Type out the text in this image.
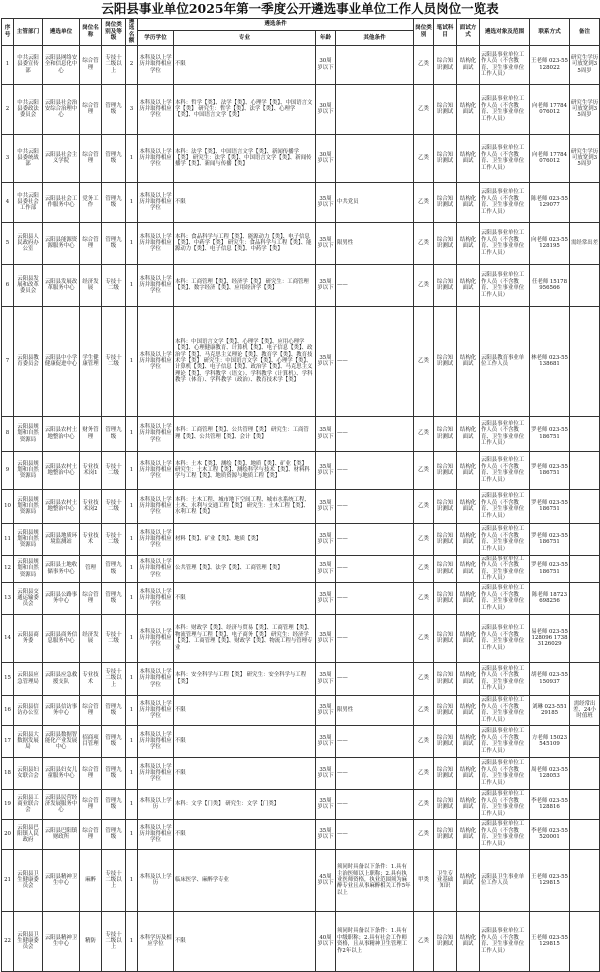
云阳县事业单位2025年第一季度公开遴选事业单位工作人员岗位一览表
序号	主管部门	遴选单位	岗位名称	岗位类别及等级	遴选名额	遴选条件				岗位类别	笔试科目	面试方式	遴选对象及范围	联系方式	备注
						学历学位	专业	年龄	其他条件						
1	中共云阳县委宣传部	云阳县网络安全和信息化中心	综合管理	专技十二级以上	2	本科及以上学历并取得相应学位	不限	30周岁以下		乙类	综合知识测试	结构化面试	云阳县事业单位工作人员（不含教育、卫生事业单位工作人员）	王老师 023-55128022	研究生学历可放宽到35周岁
2	中共云阳县委政法委员会	云阳县社会治安综合治理中心	综合管理	管理九级	3	本科及以上学历并取得相应学位	本科：哲学【类】、法学【类】、心理学【类】、中国语言文学【类】 研究生：哲学【类】、法学【类】、心理学【类】、中国语言文学【类】	30周岁以下		乙类	综合知识测试	结构化面试	云阳县事业单位工作人员（不含教育、卫生事业单位工作人员）	向老师 17784076012	研究生学历可放宽到35周岁
3	中共云阳县委统战部	云阳县社会主义学院	综合管理	管理九级	1	本科及以上学历并取得相应学位	本科：法学【类】、中国语言文学【类】、新闻传播学【类】 研究生：法学【类】、中国语言文学【类】、新闻传播学【类】、新闻与传播【类】	30周岁以下		乙类	综合知识测试	结构化面试	云阳县事业单位工作人员（不含教育、卫生事业单位工作人员）	向老师 17784076012	研究生学历可放宽到35周岁
4	中共云阳县委社会工作部	云阳县社会工作服务中心	党务工作	管理九级	1	本科及以上学历并取得相应学位	不限	35周岁以下	中共党员	乙类	综合知识测试	结构化面试	云阳县事业单位工作人员（不含教育、卫生事业单位工作人员）	陈老师 023-55129077	
5	云阳县人民政府办公室	云阳县能源资源服务中心	综合管理	管理九级	1	本科及以上学历并取得相应学位	本科：食品科学与工程【类】、能源动力【类】、电子信息【类】、中药学【类】 研究生：食品科学与工程【类】、能源动力【类】、电子信息【类】、中药学【类】	35周岁以下	限男性	乙类	综合知识测试	结构化面试	云阳县事业单位工作人员（不含教育、卫生事业单位工作人员）	向老师 023-55128195	需经常出差
6	云阳县发展和改革委员会	云阳县发展改革服务中心	经济发展	专技十二级	1	本科及以上学历并取得相应学位	本科：工商管理【类】、经济学【类】 研究生：工商管理【类】、数字经济【类】、应用经济学【类】	35周岁以下	——	乙类	综合知识测试	结构化面试	云阳县事业单位工作人员（不含教育、卫生事业单位工作人员）	任老师 15178956566	
7	云阳县教育委员会	云阳县中小学健康促进中心	学生健康管理	专技十二级	1	本科及以上学历并取得相应学位	本科：中国语言文学【类】、心理学【类】、应用心理学【类】、心理健康教育、计算机【类】、电子信息【类】、政治学【类】、马克思主义理论【类】、教育学【类】、教育技术学【类】 研究生：中国语言文学【类】、心理学【类】、计算机【类】、电子信息【类】、政治学【类】、马克思主义理论【类】、学科教学（语文）、学科教学（计算机）、学科教学（体育）、学科教学（政治）、教育技术学【类】	35周岁以下	——	乙类	综合知识测试	结构化面试	云阳县教育事业单位工作人员	林老师 023-55138681	
8	云阳县规划和自然资源局	云阳县农村土地整治中心	财务管理	管理九级	1	本科及以上学历并取得相应学位	本科：工商管理【类】、公共管理【类】 研究生：工商管理【类】、公共管理【类】、会计【类】	35周岁以下	——	乙类	综合知识测试	结构化面试	云阳县事业单位工作人员（不含教育、卫生事业单位工作人员）	罗老师 023-55186751	
9	云阳县规划和自然资源局	云阳县农村土地整治中心	专业技术岗1	专技十二级	1	本科及以上学历并取得相应学位	本科：土木【类】、测绘【类】、地质【类】、矿业【类】 研究生：土木工程【类】、测绘科学与技术【类】、材料科学与工程【类】、地质资源与地质工程【类】	35周岁以下	——	乙类	综合知识测试	结构化面试	云阳县事业单位工作人员（不含教育、卫生事业单位工作人员）	罗老师 023-55186751	
10	云阳县规划和自然资源局	云阳县农村土地整治中心	专业技术岗2	专技十二级	1	本科及以上学历并取得相应学位	本科：土木工程、城市地下空间工程、城市水系统工程、土木、水利与交通工程【类】 研究生：土木工程【类】、水利工程【类】	35周岁以下	——	乙类	综合知识测试	结构化面试	云阳县事业单位工作人员（不含教育、卫生事业单位工作人员）	罗老师 023-55186751	
11	云阳县规划和自然资源局	云阳县地质环境监测站	专业技术	专技十二级	1	本科及以上学历并取得相应学位	材料【类】、矿业【类】、地质【类】	35周岁以下	——	乙类	综合知识测试	结构化面试	云阳县事业单位工作人员（不含教育、卫生事业单位工作人员）	罗老师 023-55186751	
12	云阳县规划和自然资源局	云阳县土地收储事务中心	管理	管理九级	1	本科及以上学历并取得相应学位	公共管理【类】、法学【类】、工商管理【类】	35周岁以下	——	乙类	综合知识测试	结构化面试	云阳县事业单位工作人员（不含教育、卫生事业单位工作人员）	罗老师 023-55186751	
13	云阳县交通运输委员会	云阳县公路事务中心	综合管理	管理九级	1	本科及以上学历并取得相应学位	不限	35周岁以下	——	乙类	综合知识测试	结构化面试	云阳县事业单位工作人员（不含教育、卫生事业单位工作人员）	陈老师 18723698256	
14	云阳县商务委	云阳县商务信息服务中心	经济发展	专技十二级	1	本科及以上学历并取得相应学位	本科：财政学【类】、经济与贸易【类】、工商管理【类】、物流管理与工程【类】、电子商务【类】 研究生：经济学【类】、工商管理【类】、财政学【类】、物流工程与管理专业	35周岁以下	——	乙类	综合知识测试	结构化面试	云阳县事业单位工作人员（不含教育、卫生事业单位工作人员）	易老师 023-55128096 17383126029	
15	云阳县应急管理局	云阳县应急救援支队	专业技术	专技十二级以上	1	本科及以上学历并取得相应学位	本科：安全科学与工程【类】 研究生：安全科学与工程【类】	35周岁以下	——	乙类	综合知识测试	结构化面试	云阳县事业单位工作人员（不含教育、卫生事业单位工作人员）	胡老师 023-55150937	
16	云阳县信访办公室	云阳县信访事务中心	综合管理	管理九级	1	本科及以上学历并取得相应学位	不限	35周岁以下	限男性	乙类	综合知识测试	结构化面试	云阳县事业单位工作人员（不含教育、卫生事业单位工作人员）	刘琳 023-55129185	需经常出差、24小时值班
17	云阳县大数据发展局	云阳县数据智能化产业发展中心	招商项目管理	管理九级	1	本科及以上学历并取得相应学位	不限	35周岁以下	——	乙类	综合知识测试	结构化面试	云阳县事业单位工作人员（不含教育、卫生事业单位工作人员）	方老师 15023545109	
18	云阳县妇女联合会	云阳县妇女儿童服务中心	综合管理	管理九级	1	本科及以上学历并取得相应学位	不限	35周岁以下	——	乙类	综合知识测试	结构化面试	云阳县事业单位工作人员（不含教育、卫生事业单位工作人员）	周老师 023-55128053	
19	云阳县工商业联合会	云阳县民营经济发展服务中心	综合管理	管理九级	1	本科及以上学历	本科：文学【门类】 研究生：文学【门类】	35周岁以下	——	乙类	综合知识测试	结构化面试	云阳县事业单位工作人员（不含教育、卫生事业单位工作人员）	李老师 023-55128816	
20	云阳县巴阳镇人民政府	云阳县巴阳镇财政所	综合管理	管理九级	1	本科及以上学历并取得相应学位	不限	35周岁以下	——	乙类	综合知识测试	结构化面试	云阳县事业单位工作人员（不含教育、卫生事业单位工作人员）	李老师 023-55520001	
21	云阳县卫生健康委员会	云阳县精神卫生中心	麻醉	专技十二级以上	1	本科及以上学历	临床医学、麻醉学专业	45周岁以下	须同时具备以下条件：1.具有主治医师以上职称；2.具有执业医师资格，执业范围须为麻醉专业且从事麻醉相关工作5年以上	甲类	卫生专业基础知识	结构化面试	云阳县卫生事业单位工作人员	王老师 023-55129815	
22	云阳县卫生健康委员会	云阳县精神卫生中心	精防	专技十二级以上	1	本科学历及相应学位	不限	40周岁以下	须同时具备以下条件：1.具有中级职称；2.具有社会工作师资格，且从事精神卫生管理工作2年以上	乙类	综合知识测试	结构化面试	云阳县事业单位工作人员（不含教育、卫生事业单位工作人员）	王老师 023-55129815	
